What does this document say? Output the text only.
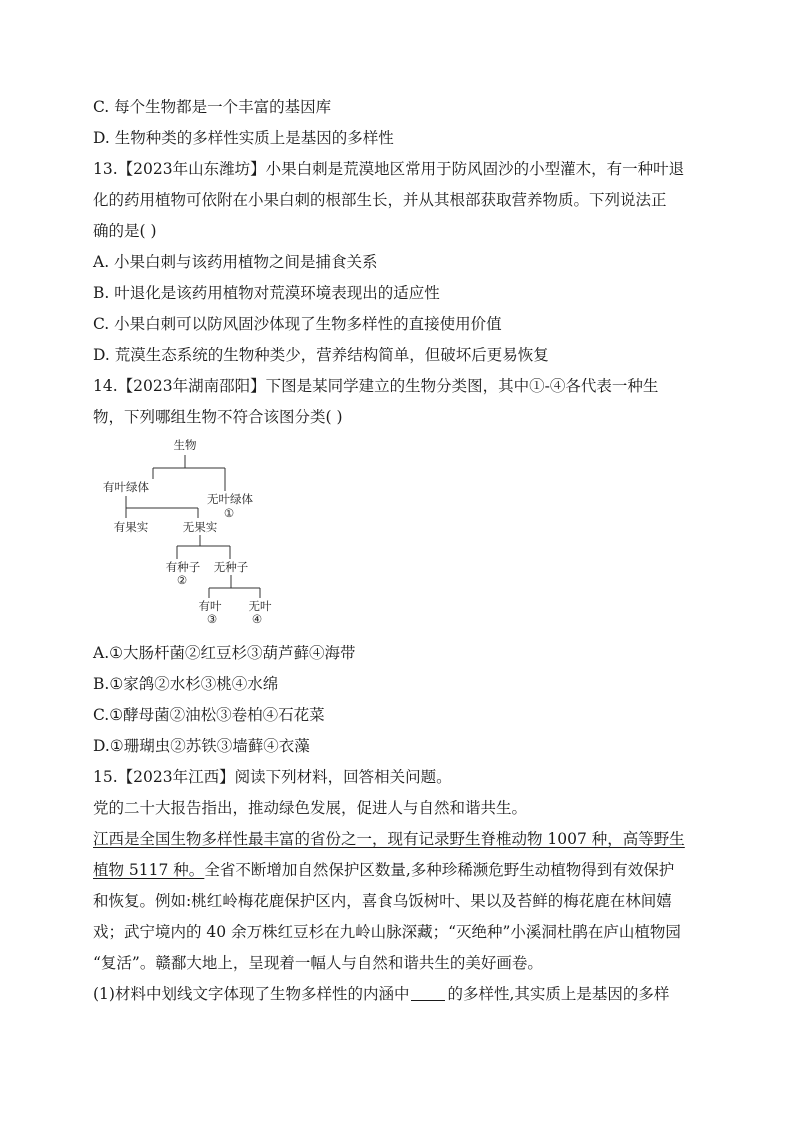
C. 每个生物都是一个丰富的基因库
D. 生物种类的多样性实质上是基因的多样性
13.【2023年山东潍坊】小果白刺是荒漠地区常用于防风固沙的小型灌木，有一种叶退
化的药用植物可依附在小果白刺的根部生长，并从其根部获取营养物质。下列说法正
确的是( )
A. 小果白刺与该药用植物之间是捕食关系
B. 叶退化是该药用植物对荒漠环境表现出的适应性
C. 小果白刺可以防风固沙体现了生物多样性的直接使用价值
D. 荒漠生态系统的生物种类少，营养结构简单，但破坏后更易恢复
14.【2023年湖南邵阳】下图是某同学建立的生物分类图，其中①-④各代表一种生
物，下列哪组生物不符合该图分类( )
生物
有叶绿体
无叶绿体
①
有果实	无果实
有种子
②
无种子
有叶
③
无叶
④
A.①大肠杆菌②红豆杉③葫芦藓④海带
B.①家鸽②水杉③桃④水绵
C.①酵母菌②油松③卷柏④石花菜
D.①珊瑚虫②苏铁③墙藓④衣藻
15.【2023年江西】阅读下列材料，回答相关问题。
党的二十大报告指出，推动绿色发展，促进人与自然和谐共生。
江西是全国生物多样性最丰富的省份之一，现有记录野生脊椎动物 1007 种，高等野生
植物 5117 种。全省不断增加自然保护区数量,多种珍稀濒危野生动植物得到有效保护
和恢复。例如:桃红岭梅花鹿保护区内，喜食乌饭树叶、果以及苔鲜的梅花鹿在林间嬉
戏；武宁境内的 40 余万株红豆杉在九岭山脉深藏；“灭绝种”小溪洞杜鹃在庐山植物园
“复活”。赣鄱大地上，呈现着一幅人与自然和谐共生的美好画卷。
(1)材料中划线文字体现了生物多样性的内涵中 的多样性,其实质上是基因的多样
